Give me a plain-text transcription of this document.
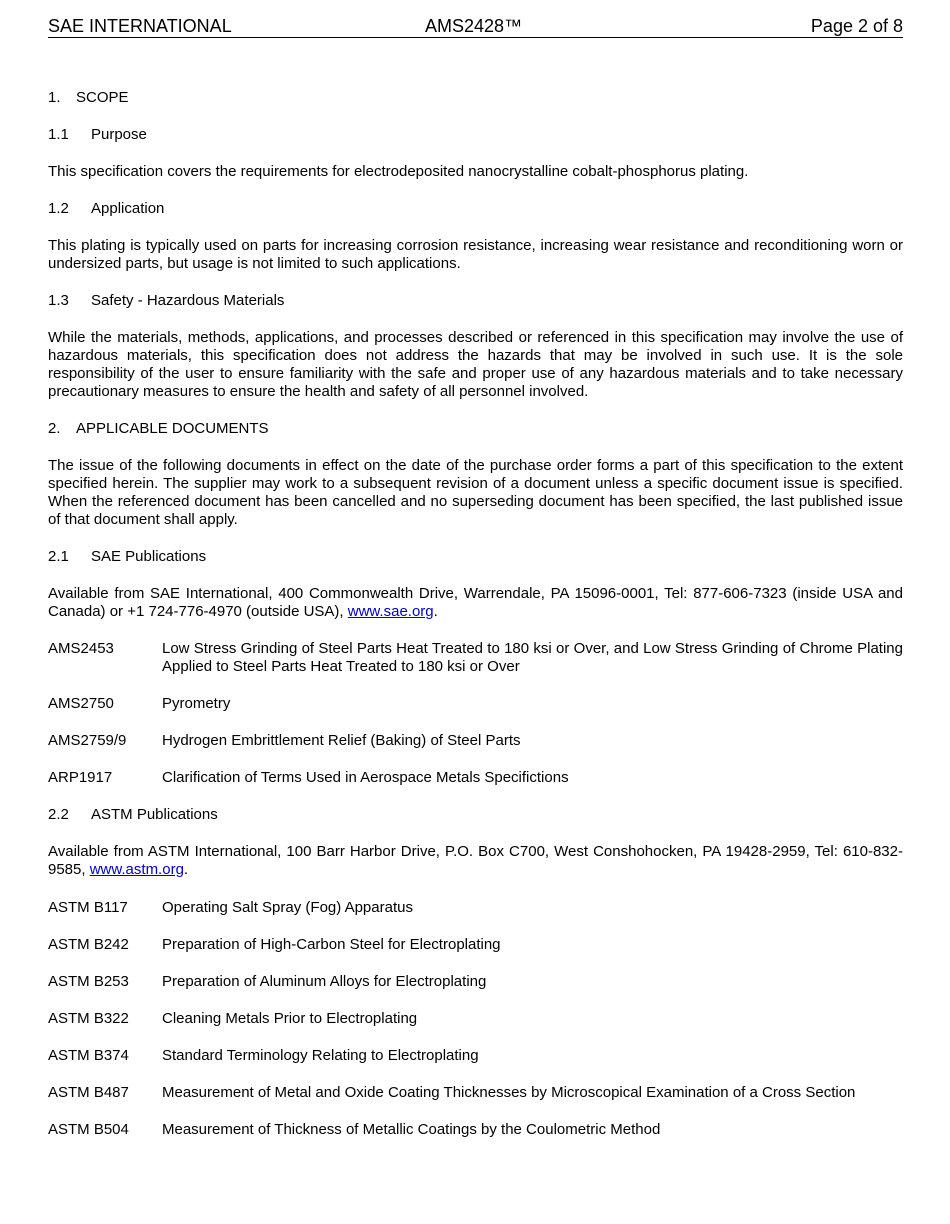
SAE INTERNATIONAL	AMS2428™	Page 2 of 8
1. SCOPE
1.1 Purpose
This specification covers the requirements for electrodeposited nanocrystalline cobalt-phosphorus plating.
1.2 Application
This plating is typically used on parts for increasing corrosion resistance, increasing wear resistance and reconditioning worn or undersized parts, but usage is not limited to such applications.
1.3 Safety - Hazardous Materials
While the materials, methods, applications, and processes described or referenced in this specification may involve the use of hazardous materials, this specification does not address the hazards that may be involved in such use. It is the sole responsibility of the user to ensure familiarity with the safe and proper use of any hazardous materials and to take necessary precautionary measures to ensure the health and safety of all personnel involved.
2. APPLICABLE DOCUMENTS
The issue of the following documents in effect on the date of the purchase order forms a part of this specification to the extent specified herein. The supplier may work to a subsequent revision of a document unless a specific document issue is specified. When the referenced document has been cancelled and no superseding document has been specified, the last published issue of that document shall apply.
2.1 SAE Publications
Available from SAE International, 400 Commonwealth Drive, Warrendale, PA 15096-0001, Tel: 877-606-7323 (inside USA and Canada) or +1 724-776-4970 (outside USA), www.sae.org.
AMS2453	Low Stress Grinding of Steel Parts Heat Treated to 180 ksi or Over, and Low Stress Grinding of Chrome Plating Applied to Steel Parts Heat Treated to 180 ksi or Over
AMS2750	Pyrometry
AMS2759/9	Hydrogen Embrittlement Relief (Baking) of Steel Parts
ARP1917	Clarification of Terms Used in Aerospace Metals Specifictions
2.2 ASTM Publications
Available from ASTM International, 100 Barr Harbor Drive, P.O. Box C700, West Conshohocken, PA 19428-2959, Tel: 610-832-9585, www.astm.org.
ASTM B117	Operating Salt Spray (Fog) Apparatus
ASTM B242	Preparation of High-Carbon Steel for Electroplating
ASTM B253	Preparation of Aluminum Alloys for Electroplating
ASTM B322	Cleaning Metals Prior to Electroplating
ASTM B374	Standard Terminology Relating to Electroplating
ASTM B487	Measurement of Metal and Oxide Coating Thicknesses by Microscopical Examination of a Cross Section
ASTM B504	Measurement of Thickness of Metallic Coatings by the Coulometric Method
